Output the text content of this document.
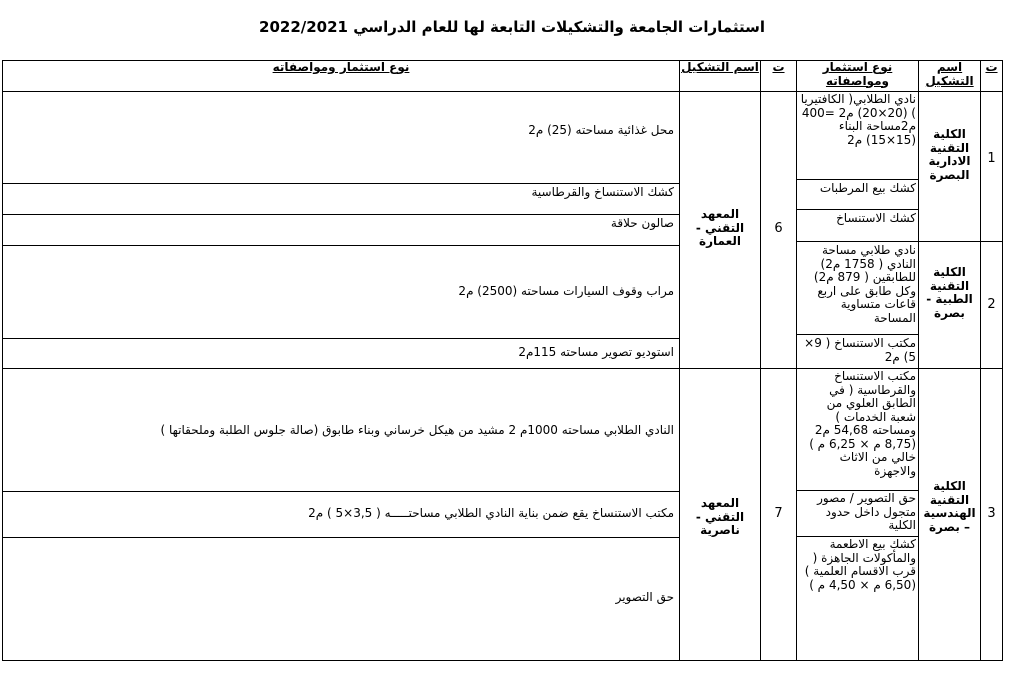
استثمارات الجامعة والتشكيلات التابعة لها للعام الدراسي 2022/2021
ت
اسم التشكيل
نوع استثمار ومواصفاته
ت
اسم التشكيل
نوع استثمار ومواصفاته
1
الكلية التقنية الادارية البصرة
نادي الطلابي( الكافتيريا ) (20×20) م2 =400 م2مساحة البناء (15×15) م2
كشك بيع المرطبات
كشك الاستنساخ
2
الكلية التقنية الطبية - بصرة
نادي طلابي مساحة النادي ( 1758 م2) للطابقين ( 879 م2) وكل طابق على اربع قاعات متساوية المساحة
مكتب الاستنساخ ( 9× 5) م2
3
الكلية التقنية الهندسية – بصرة
مكتب الاستنساخ والقرطاسية ( في الطابق العلوي من شعبة الخدمات ) ومساحته 54,68 م2 (8,75 م × 6,25 م ) خالي من الاثاث والاجهزة
حق التصوير / مصور متجول داخل حدود الكلية
كشك بيع الاطعمة والمأكولات الجاهزة ( قرب الاقسام العلمية ) (6,50 م × 4,50 م )
6
المعهد التقني - العمارة
محل غذائية مساحته (25) م2
كشك الاستنساخ والقرطاسية
صالون حلاقة
مراب وقوف السيارات مساحته (2500) م2
استوديو تصوير مساحته 115م2
7
المعهد التقني - ناصرية
النادي الطلابي مساحته 1000م 2 مشيد من هيكل خرساني وبناء طابوق (صالة جلوس الطلبة وملحقاتها )
مكتب الاستنساخ يقع ضمن بناية النادي الطلابي مساحتـــــه ( 3,5×5 ) م2
حق التصوير
